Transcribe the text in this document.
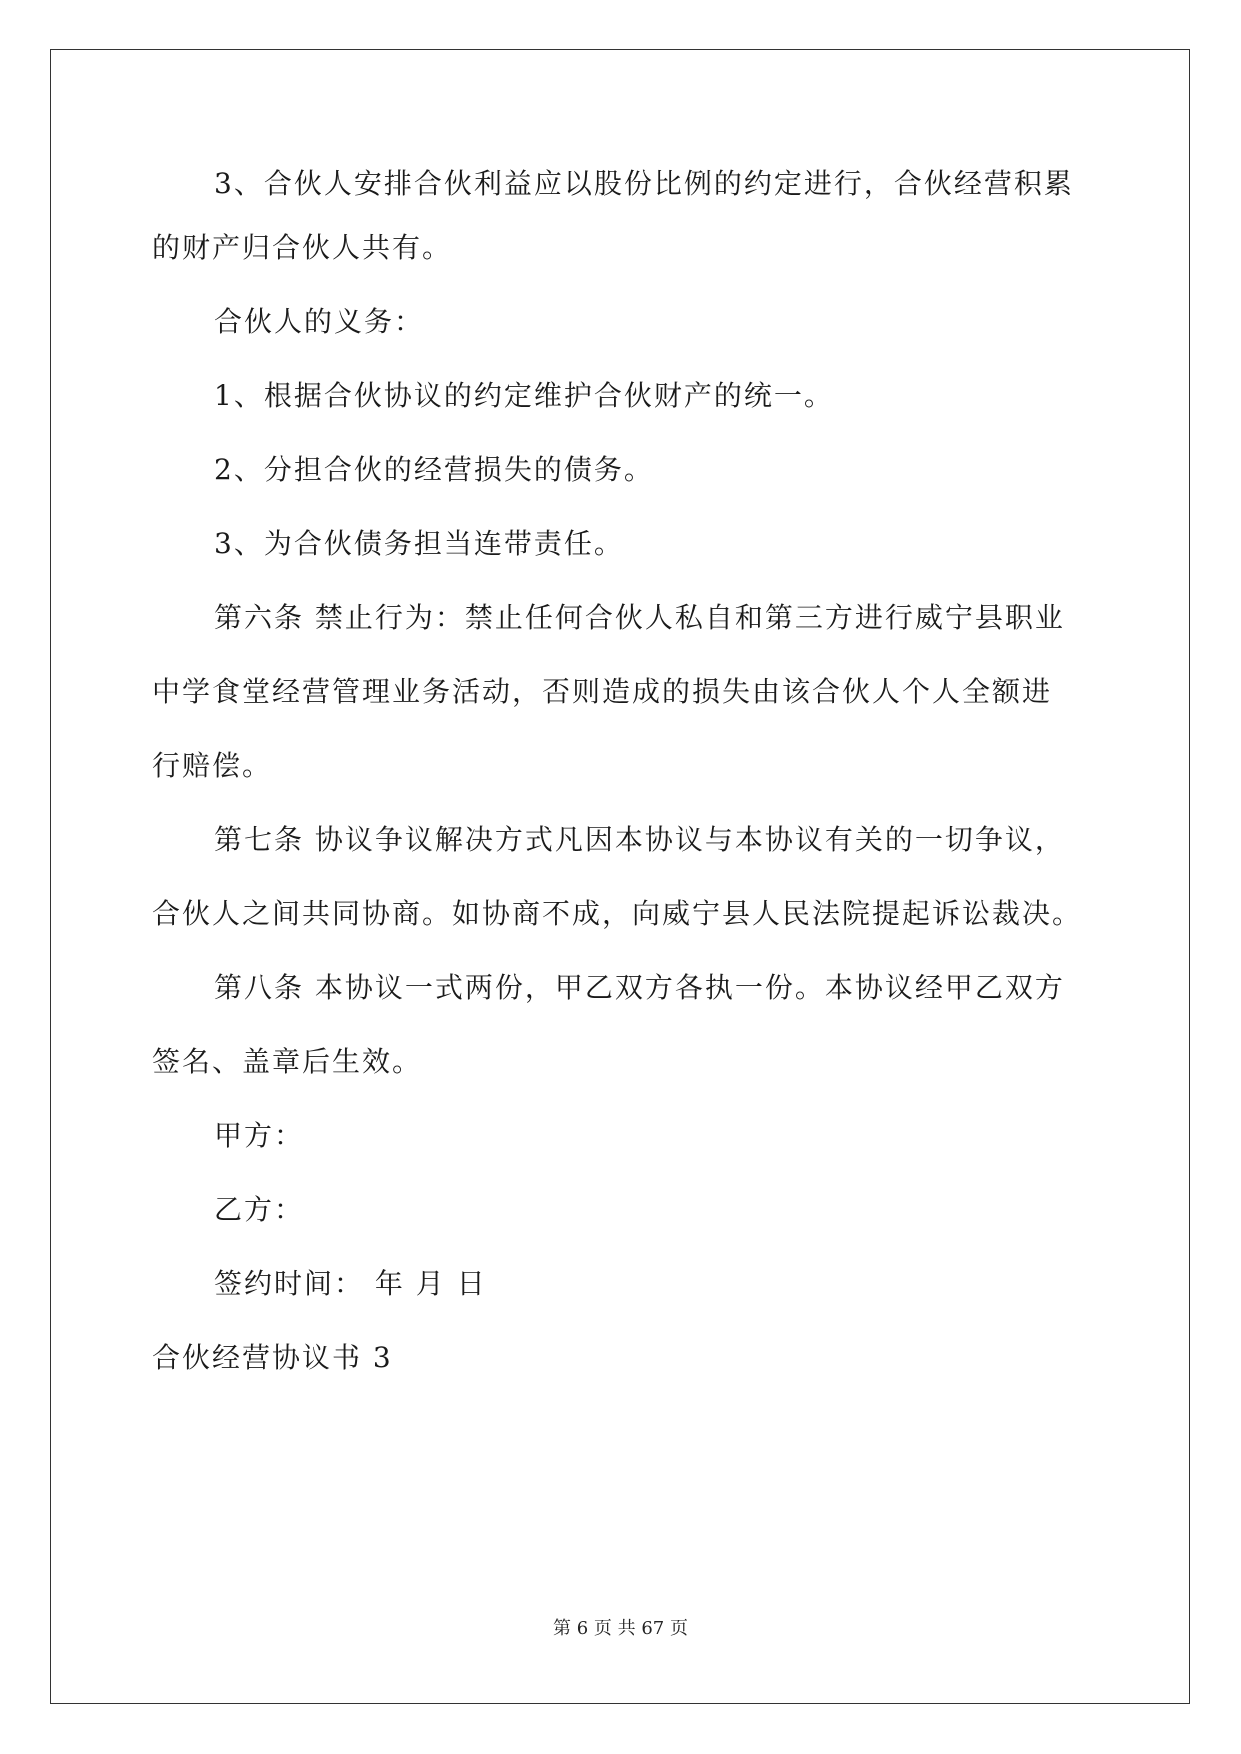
3、合伙人安排合伙利益应以股份比例的约定进行，合伙经营积累
的财产归合伙人共有。
合伙人的义务：
1、根据合伙协议的约定维护合伙财产的统一。
2、分担合伙的经营损失的债务。
3、为合伙债务担当连带责任。
第六条 禁止行为：禁止任何合伙人私自和第三方进行威宁县职业
中学食堂经营管理业务活动，否则造成的损失由该合伙人个人全额进
行赔偿。
第七条 协议争议解决方式凡因本协议与本协议有关的一切争议，
合伙人之间共同协商。如协商不成，向威宁县人民法院提起诉讼裁决。
第八条 本协议一式两份，甲乙双方各执一份。本协议经甲乙双方
签名、盖章后生效。
甲方：
乙方：
签约时间： 年 月 日
合伙经营协议书 3
第 6 页 共 67 页
